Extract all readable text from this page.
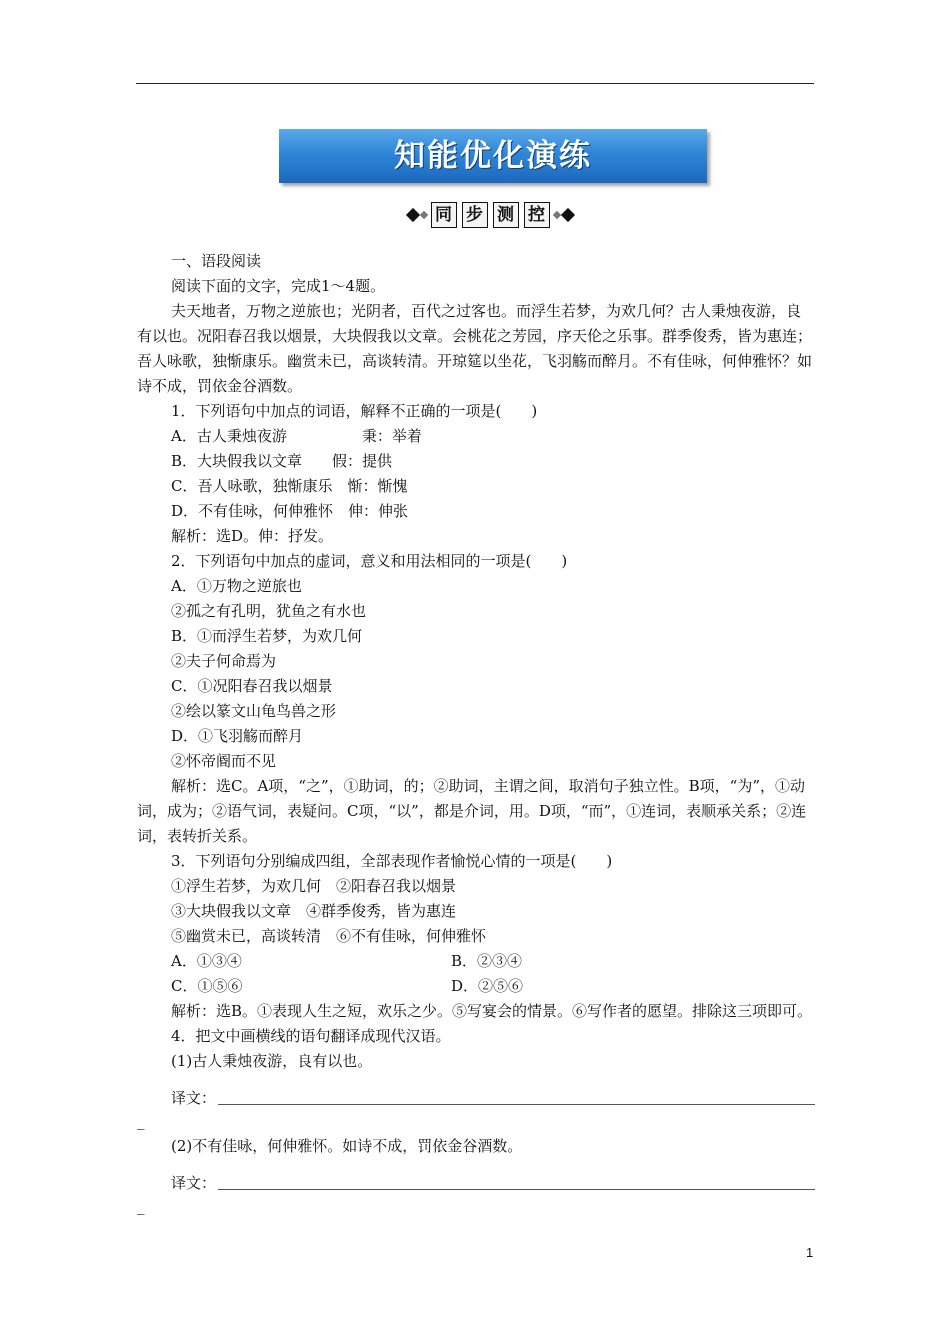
知能优化演练
同 步 测 控

一、语段阅读

阅读下面的文字，完成1～4题。

夫天地者，万物之逆旅也；光阴者，百代之过客也。而浮生若梦，为欢几何？古人秉烛夜游，良有以也。况阳春召我以烟景，大块假我以文章。会桃花之芳园，序天伦之乐事。群季俊秀，皆为惠连；吾人咏歌，独惭康乐。幽赏未已，高谈转清。开琼筵以坐花，飞羽觞而醉月。不有佳咏，何伸雅怀？如诗不成，罚依金谷酒数。

1．下列语句中加点的词语，解释不正确的一项是(　　)

A．古人秉烛夜游　　　　　秉：举着

B．大块假我以文章　　假：提供

C．吾人咏歌，独惭康乐　惭：惭愧

D．不有佳咏，何伸雅怀　伸：伸张

解析：选D。伸：抒发。

2．下列语句中加点的虚词，意义和用法相同的一项是(　　)

A．①万物之逆旅也

②孤之有孔明，犹鱼之有水也

B．①而浮生若梦，为欢几何

②夫子何命焉为

C．①况阳春召我以烟景

②绘以篆文山龟鸟兽之形

D．①飞羽觞而醉月

②怀帝阍而不见

解析：选C。A项，“之”，①助词，的；②助词，主谓之间，取消句子独立性。B项，“为”，①动词，成为；②语气词，表疑问。C项，“以”，都是介词，用。D项，“而”，①连词，表顺承关系；②连词，表转折关系。

3．下列语句分别编成四组，全部表现作者愉悦心情的一项是(　　)

①浮生若梦，为欢几何　②阳春召我以烟景

③大块假我以文章　④群季俊秀，皆为惠连

⑤幽赏未已，高谈转清　⑥不有佳咏，何伸雅怀

A．①③④	B．②③④
C．①⑤⑥	D．②⑤⑥

解析：选B。①表现人生之短，欢乐之少。⑤写宴会的情景。⑥写作者的愿望。排除这三项即可。

4．把文中画横线的语句翻译成现代汉语。

(1)古人秉烛夜游，良有以也。

译文：

_

(2)不有佳咏，何伸雅怀。如诗不成，罚依金谷酒数。

译文：

_

1
